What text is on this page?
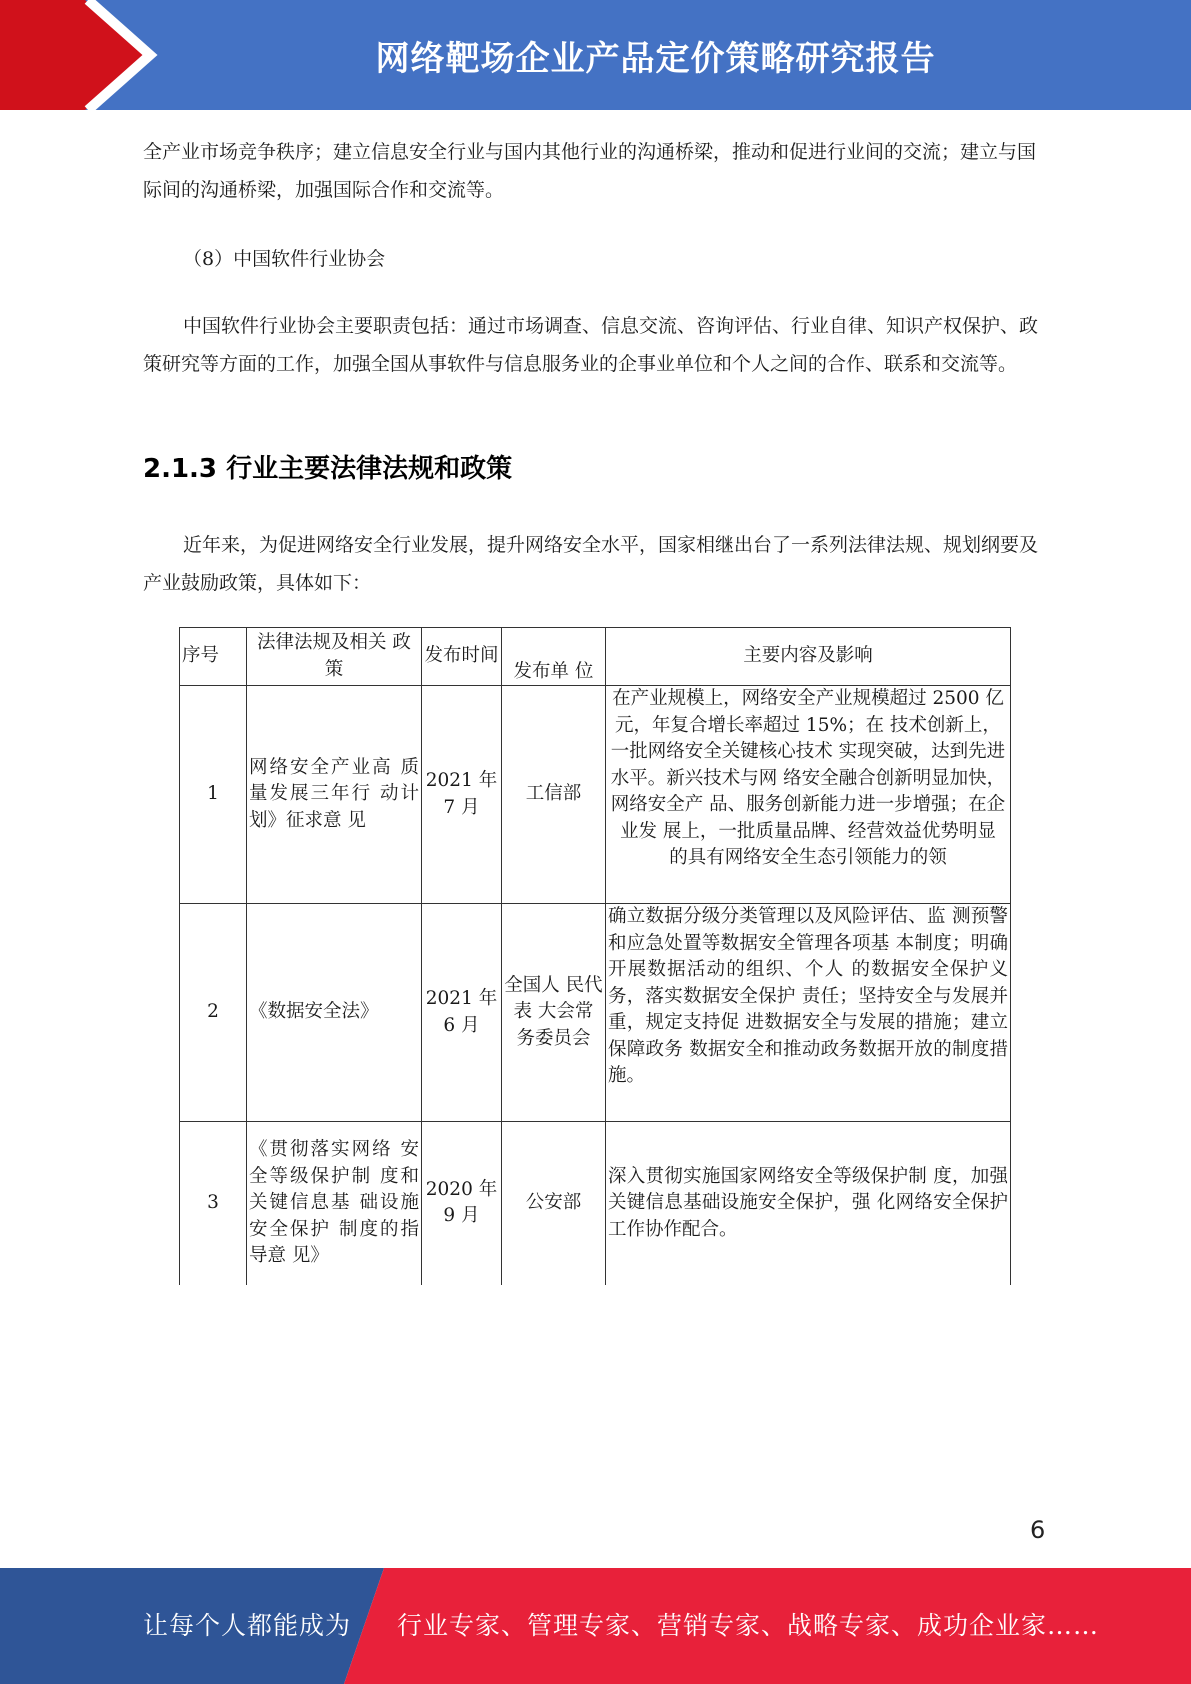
网络靶场企业产品定价策略研究报告

全产业市场竞争秩序；建立信息安全行业与国内其他行业的沟通桥梁，推动和促进行业间的交流；建立与国际间的沟通桥梁，加强国际合作和交流等。

（8）中国软件行业协会

中国软件行业协会主要职责包括：通过市场调查、信息交流、咨询评估、行业自律、知识产权保护、政策研究等方面的工作，加强全国从事软件与信息服务业的企事业单位和个人之间的合作、联系和交流等。

2.1.3 行业主要法律法规和政策

近年来，为促进网络安全行业发展，提升网络安全水平，国家相继出台了一系列法律法规、规划纲要及产业鼓励政策，具体如下：

序号	法律法规及相关 政策	发布时间	发布单 位	主要内容及影响
1	网络安全产业高 质量发展三年行 动计划》征求意 见	2021 年 7 月	工信部	在产业规模上，网络安全产业规模超过 2500 亿元，年复合增长率超过 15%；在 技术创新上，一批网络安全关键核心技术 实现突破，达到先进水平。新兴技术与网 络安全融合创新明显加快，网络安全产 品、服务创新能力进一步增强；在企业发 展上，一批质量品牌、经营效益优势明显 的具有网络安全生态引领能力的领
2	《数据安全法》	2021 年 6 月	全国人 民代表 大会常 务委员会	确立数据分级分类管理以及风险评估、监 测预警和应急处置等数据安全管理各项基 本制度；明确开展数据活动的组织、个人 的数据安全保护义务，落实数据安全保护 责任；坚持安全与发展并重，规定支持促 进数据安全与发展的措施；建立保障政务 数据安全和推动政务数据开放的制度措 施。
3	《贯彻落实网络 安全等级保护制 度和关键信息基 础设施安全保护 制度的指导意 见》	2020 年 9 月	公安部	深入贯彻实施国家网络安全等级保护制 度，加强关键信息基础设施安全保护，强 化网络安全保护工作协作配合。
6
让每个人都能成为 行业专家、管理专家、营销专家、战略专家、成功企业家……
